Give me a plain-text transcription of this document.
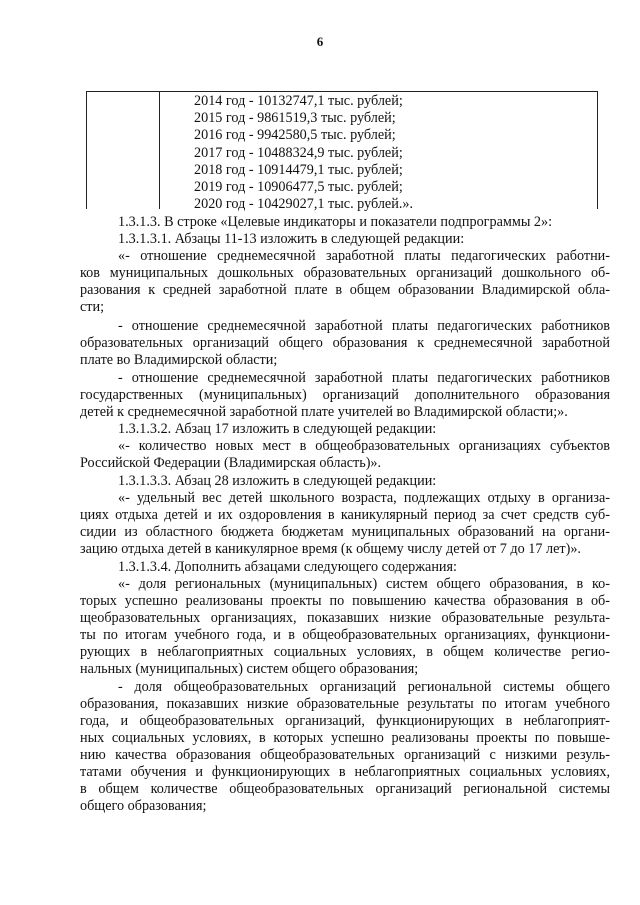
6
2014 год - 10132747,1 тыс. рублей;
2015 год - 9861519,3 тыс. рублей;
2016 год - 9942580,5 тыс. рублей;
2017 год - 10488324,9 тыс. рублей;
2018 год - 10914479,1 тыс. рублей;
2019 год - 10906477,5 тыс. рублей;
2020 год - 10429027,1 тыс. рублей.».
1.3.1.3. В строке «Целевые индикаторы и показатели подпрограммы 2»:
1.3.1.3.1. Абзацы 11-13 изложить в следующей редакции:
«- отношение среднемесячной заработной платы педагогических работни-
ков муниципальных дошкольных образовательных организаций дошкольного об-
разования к средней заработной плате в общем образовании Владимирской обла-
сти;
- отношение среднемесячной заработной платы педагогических работников
образовательных организаций общего образования к среднемесячной заработной
плате во Владимирской области;
- отношение среднемесячной заработной платы педагогических работников
государственных (муниципальных) организаций дополнительного образования
детей к среднемесячной заработной плате учителей во Владимирской области;».
1.3.1.3.2. Абзац 17 изложить в следующей редакции:
«- количество новых мест в общеобразовательных организациях субъектов
Российской Федерации (Владимирская область)».
1.3.1.3.3. Абзац 28 изложить в следующей редакции:
«- удельный вес детей школьного возраста, подлежащих отдыху в организа-
циях отдыха детей и их оздоровления в каникулярный период за счет средств суб-
сидии из областного бюджета бюджетам муниципальных образований на органи-
зацию отдыха детей в каникулярное время (к общему числу детей от 7 до 17 лет)».
1.3.1.3.4. Дополнить абзацами следующего содержания:
«- доля региональных (муниципальных) систем общего образования, в ко-
торых успешно реализованы проекты по повышению качества образования в об-
щеобразовательных организациях, показавших низкие образовательные результа-
ты по итогам учебного года, и в общеобразовательных организациях, функциони-
рующих в неблагоприятных социальных условиях, в общем количестве регио-
нальных (муниципальных) систем общего образования;
- доля общеобразовательных организаций региональной системы общего
образования, показавших низкие образовательные результаты по итогам учебного
года, и общеобразовательных организаций, функционирующих в неблагоприят-
ных социальных условиях, в которых успешно реализованы проекты по повыше-
нию качества образования общеобразовательных организаций с низкими резуль-
татами обучения и функционирующих в неблагоприятных социальных условиях,
в общем количестве общеобразовательных организаций региональной системы
общего образования;
